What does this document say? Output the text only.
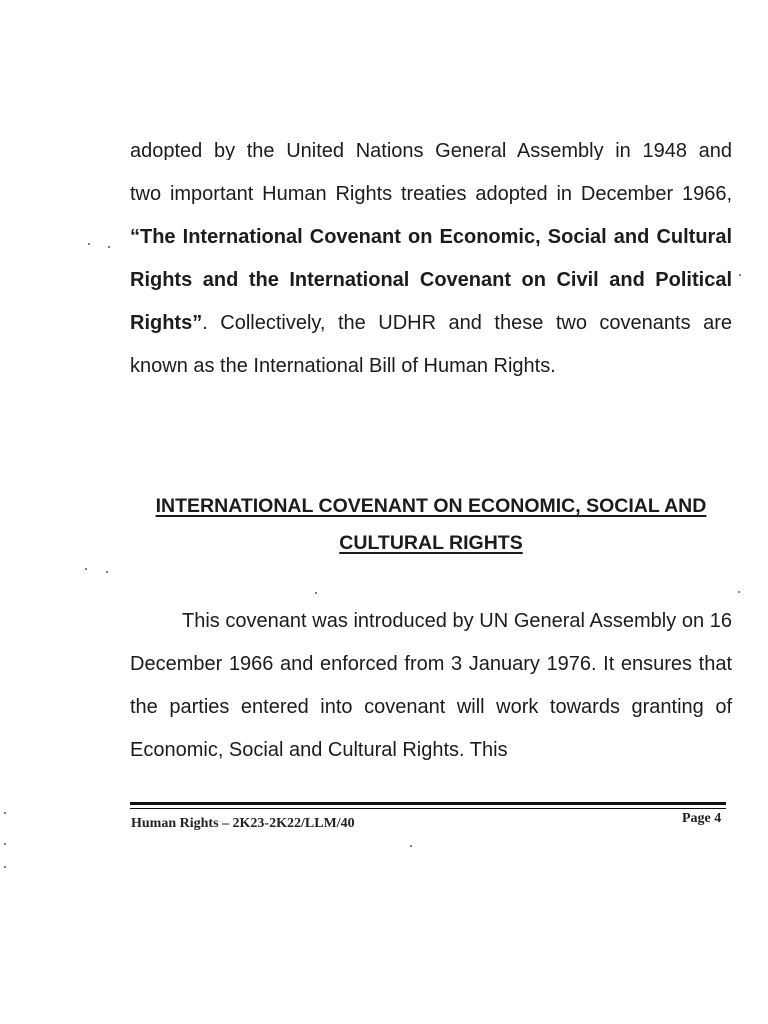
adopted by the United Nations General Assembly in 1948 and

two important Human Rights treaties adopted in December 1966, “The International Covenant on Economic, Social and Cultural Rights and the International Covenant on Civil and Political Rights”. Collectively, the UDHR and these two covenants are known as the International Bill of Human Rights.

INTERNATIONAL COVENANT ON ECONOMIC, SOCIAL AND CULTURAL RIGHTS

This covenant was introduced by UN General Assembly on 16 December 1966 and enforced from 3 January 1976. It ensures that the parties entered into covenant will work towards granting of Economic, Social and Cultural Rights. This

Human Rights – 2K23-2K22/LLM/40	Page 4
